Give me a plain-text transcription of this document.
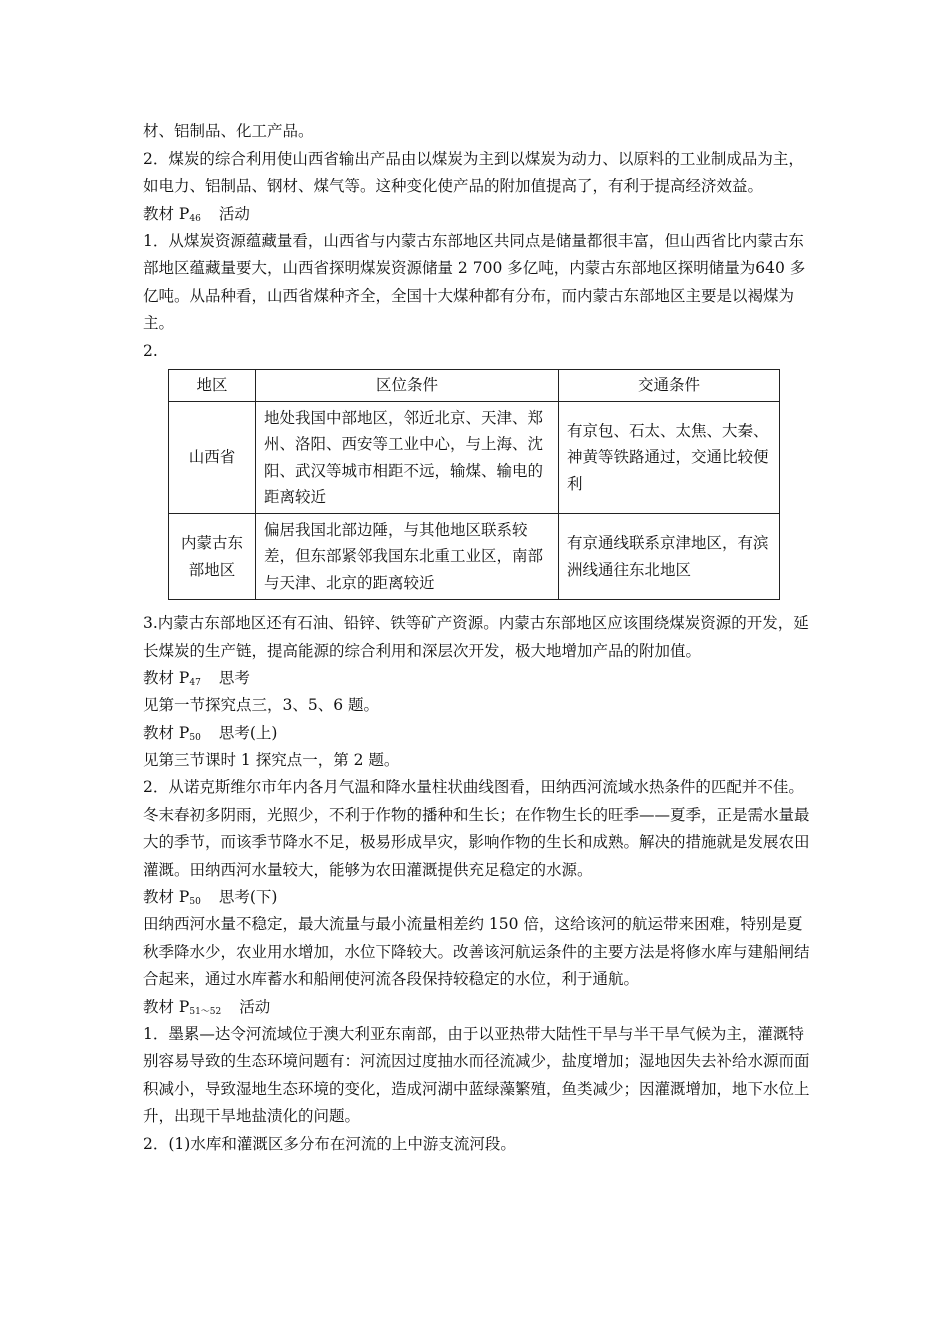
材、铝制品、化工产品。

2．煤炭的综合利用使山西省输出产品由以煤炭为主到以煤炭为动力、以原料的工业制成品为主，如电力、铝制品、钢材、煤气等。这种变化使产品的附加值提高了，有利于提高经济效益。

教材 $P_{46}$ 活动

1．从煤炭资源蕴藏量看，山西省与内蒙古东部地区共同点是储量都很丰富，但山西省比内蒙古东部地区蕴藏量要大，山西省探明煤炭资源储量 2 700 多亿吨，内蒙古东部地区探明储量为640 多亿吨。从品种看，山西省煤种齐全，全国十大煤种都有分布，而内蒙古东部地区主要是以褐煤为主。

2.

地区	区位条件	交通条件
山西省	地处我国中部地区，邻近北京、天津、郑州、洛阳、西安等工业中心，与上海、沈阳、武汉等城市相距不远，输煤、输电的距离较近	有京包、石太、太焦、大秦、神黄等铁路通过，交通比较便利
内蒙古东部地区	偏居我国北部边陲，与其他地区联系较差，但东部紧邻我国东北重工业区，南部与天津、北京的距离较近	有京通线联系京津地区，有滨洲线通往东北地区

3.内蒙古东部地区还有石油、铅锌、铁等矿产资源。内蒙古东部地区应该围绕煤炭资源的开发，延长煤炭的生产链，提高能源的综合利用和深层次开发，极大地增加产品的附加值。

教材 $P_{47}$ 思考

见第一节探究点三，3、5、6 题。

教材 $P_{50}$ 思考(上)

见第三节课时 1 探究点一，第 2 题。

2．从诺克斯维尔市年内各月气温和降水量柱状曲线图看，田纳西河流域水热条件的匹配并不佳。冬末春初多阴雨，光照少，不利于作物的播种和生长；在作物生长的旺季——夏季，正是需水量最大的季节，而该季节降水不足，极易形成旱灾，影响作物的生长和成熟。解决的措施就是发展农田灌溉。田纳西河水量较大，能够为农田灌溉提供充足稳定的水源。

教材 $P_{50}$ 思考(下)

田纳西河水量不稳定，最大流量与最小流量相差约 150 倍，这给该河的航运带来困难，特别是夏秋季降水少，农业用水增加，水位下降较大。改善该河航运条件的主要方法是将修水库与建船闸结合起来，通过水库蓄水和船闸使河流各段保持较稳定的水位，利于通航。

教材 $P_{51\sim 52}$ 活动

1．墨累—达令河流域位于澳大利亚东南部，由于以亚热带大陆性干旱与半干旱气候为主，灌溉特别容易导致的生态环境问题有：河流因过度抽水而径流减少，盐度增加；湿地因失去补给水源而面积减小，导致湿地生态环境的变化，造成河湖中蓝绿藻繁殖，鱼类减少；因灌溉增加，地下水位上升，出现干旱地盐渍化的问题。

2．(1)水库和灌溉区多分布在河流的上中游支流河段。
